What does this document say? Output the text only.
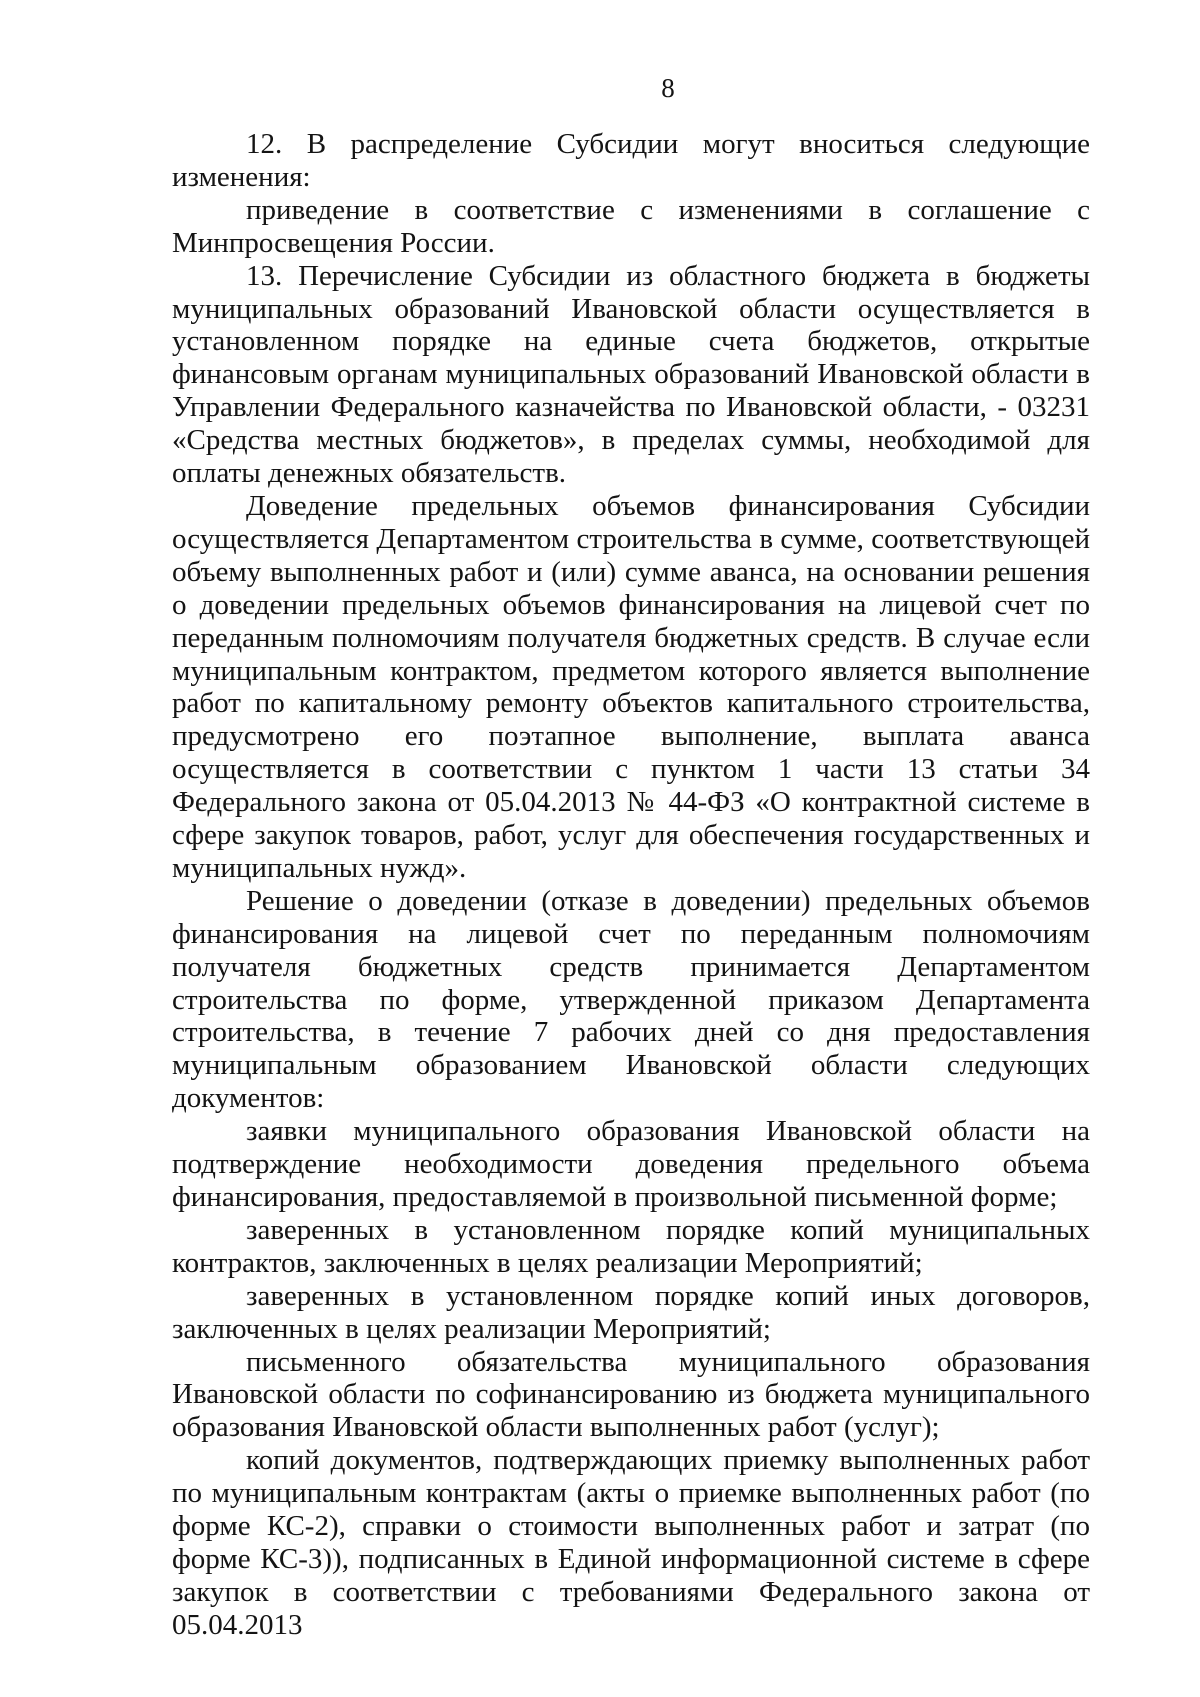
8

12. В распределение Субсидии могут вноситься следующие изменения:

приведение в соответствие с изменениями в соглашение с Минпросвещения России.

13. Перечисление Субсидии из областного бюджета в бюджеты муниципальных образований Ивановской области осуществляется в установленном порядке на единые счета бюджетов, открытые финансовым органам муниципальных образований Ивановской области в Управлении Федерального казначейства по Ивановской области, - 03231 «Средства местных бюджетов», в пределах суммы, необходимой для оплаты денежных обязательств.

Доведение предельных объемов финансирования Субсидии осуществляется Департаментом строительства в сумме, соответствующей объему выполненных работ и (или) сумме аванса, на основании решения о доведении предельных объемов финансирования на лицевой счет по переданным полномочиям получателя бюджетных средств. В случае если муниципальным контрактом, предметом которого является выполнение работ по капитальному ремонту объектов капитального строительства, предусмотрено его поэтапное выполнение, выплата аванса осуществляется в соответствии с пунктом 1 части 13 статьи 34 Федерального закона от 05.04.2013 № 44-ФЗ «О контрактной системе в сфере закупок товаров, работ, услуг для обеспечения государственных и муниципальных нужд».

Решение о доведении (отказе в доведении) предельных объемов финансирования на лицевой счет по переданным полномочиям получателя бюджетных средств принимается Департаментом строительства по форме, утвержденной приказом Департамента строительства, в течение 7 рабочих дней со дня предоставления муниципальным образованием Ивановской области следующих документов:

заявки муниципального образования Ивановской области на подтверждение необходимости доведения предельного объема финансирования, предоставляемой в произвольной письменной форме;

заверенных в установленном порядке копий муниципальных контрактов, заключенных в целях реализации Мероприятий;

заверенных в установленном порядке копий иных договоров, заключенных в целях реализации Мероприятий;

письменного обязательства муниципального образования Ивановской области по софинансированию из бюджета муниципального образования Ивановской области выполненных работ (услуг);

копий документов, подтверждающих приемку выполненных работ по муниципальным контрактам (акты о приемке выполненных работ (по форме КС-2), справки о стоимости выполненных работ и затрат (по форме КС-3)), подписанных в Единой информационной системе в сфере закупок в соответствии с требованиями Федерального закона от 05.04.2013
